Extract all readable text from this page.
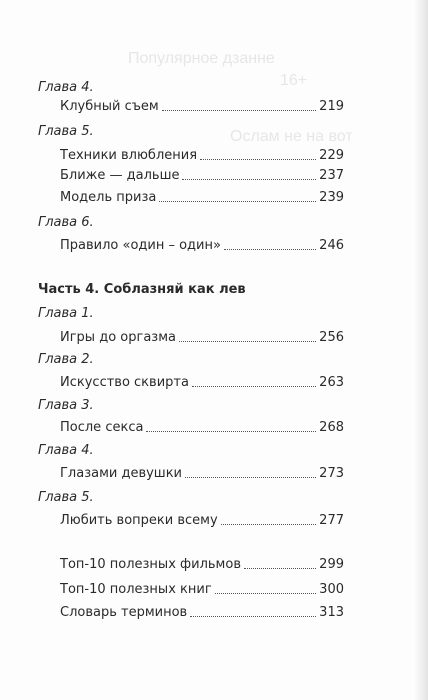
Популярное дзанне
16+
Ослам не на вот
Глава 4.
Клубный съем	219
Глава 5.
Техники влюбления	229
Ближе — дальше	237
Модель приза	239
Глава 6.
Правило «один – один»	246
Часть 4. Соблазняй как лев
Глава 1.
Игры до оргазма	256
Глава 2.
Искусство сквирта	263
Глава 3.
После секса	268
Глава 4.
Глазами девушки	273
Глава 5.
Любить вопреки всему	277
Топ-10 полезных фильмов	299
Топ-10 полезных книг	300
Словарь терминов	313
